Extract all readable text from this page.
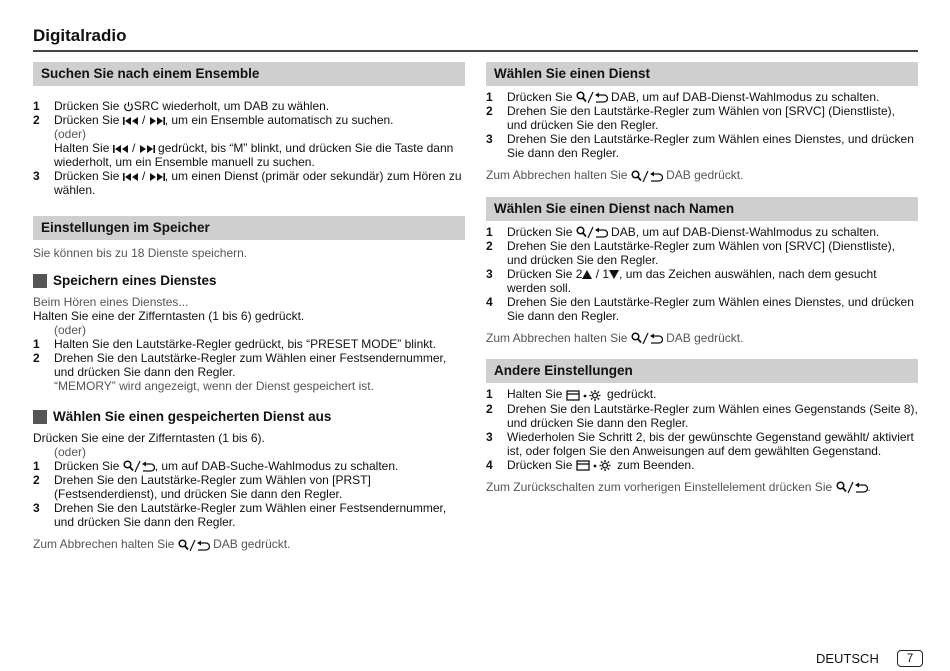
Digitalradio
Suchen Sie nach einem Ensemble
1	Drücken Sie SRC wiederholt, um DAB zu wählen.
2	Drücken Sie  / , um ein Ensemble automatisch zu suchen.
(oder)
Halten Sie  /  gedrückt, bis “M” blinkt, und drücken Sie die Taste dann wiederholt, um ein Ensemble manuell zu suchen.
3	Drücken Sie  / , um einen Dienst (primär oder sekundär) zum Hören zu wählen.
Einstellungen im Speicher
Sie können bis zu 18 Dienste speichern.
Speichern eines Dienstes
Beim Hören eines Dienstes...
Halten Sie eine der Zifferntasten (1 bis 6) gedrückt.
(oder)
1	Halten Sie den Lautstärke-Regler gedrückt, bis “PRESET MODE” blinkt.
2	Drehen Sie den Lautstärke-Regler zum Wählen einer Festsendernummer, und drücken Sie dann den Regler.
“MEMORY” wird angezeigt, wenn der Dienst gespeichert ist.
Wählen Sie einen gespeicherten Dienst aus
Drücken Sie eine der Zifferntasten (1 bis 6).
(oder)
1	Drücken Sie	, um auf DAB-Suche-Wahlmodus zu schalten.
2	Drehen Sie den Lautstärke-Regler zum Wählen von [PRST] (Festsenderdienst), und drücken Sie dann den Regler.
3	Drehen Sie den Lautstärke-Regler zum Wählen einer Festsendernummer, und drücken Sie dann den Regler.
Zum Abbrechen halten Sie	DAB gedrückt.
Wählen Sie einen Dienst
1	Drücken Sie	DAB, um auf DAB-Dienst-Wahlmodus zu schalten.
2	Drehen Sie den Lautstärke-Regler zum Wählen von [SRVC] (Dienstliste), und drücken Sie den Regler.
3	Drehen Sie den Lautstärke-Regler zum Wählen eines Dienstes, und drücken Sie dann den Regler.
Zum Abbrechen halten Sie	DAB gedrückt.
Wählen Sie einen Dienst nach Namen
1	Drücken Sie	DAB, um auf DAB-Dienst-Wahlmodus zu schalten.
2	Drehen Sie den Lautstärke-Regler zum Wählen von [SRVC] (Dienstliste), und drücken Sie den Regler.
3	Drücken Sie 2 / 1 , um das Zeichen auswählen, nach dem gesucht werden soll.
4	Drehen Sie den Lautstärke-Regler zum Wählen eines Dienstes, und drücken Sie dann den Regler.
Zum Abbrechen halten Sie	DAB gedrückt.
Andere Einstellungen
1	Halten Sie	gedrückt.
2	Drehen Sie den Lautstärke-Regler zum Wählen eines Gegenstands (Seite 8), und drücken Sie dann den Regler.
3	Wiederholen Sie Schritt 2, bis der gewünschte Gegenstand gewählt/ aktiviert ist, oder folgen Sie den Anweisungen auf dem gewählten Gegenstand.
4	Drücken Sie	zum Beenden.
Zum Zurückschalten zum vorherigen Einstellelement drücken Sie	.
DEUTSCH	7
